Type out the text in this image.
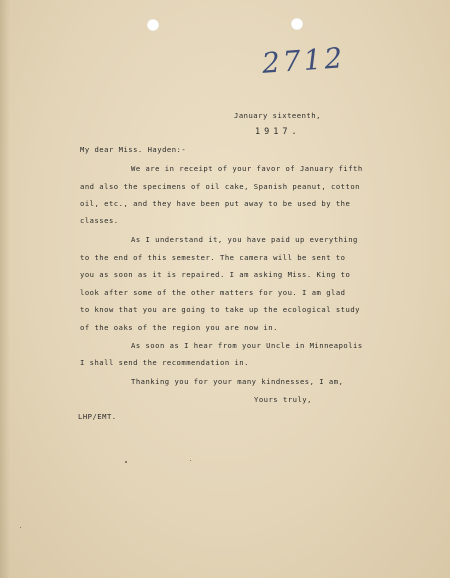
2712
January sixteenth,
1917.
My dear Miss. Hayden:-
We are in receipt of your favor of January fifth
and also the specimens of oil cake, Spanish peanut, cotton
oil, etc., and they have been put away to be used by the
classes.
As I understand it, you have paid up everything
to the end of this semester. The camera will be sent to
you as soon as it is repaired. I am asking Miss. King to
look after some of the other matters for you. I am glad
to know that you are going to take up the ecological study
of the oaks of the region you are now in.
As soon as I hear from your Uncle in Minneapolis
I shall send the recommendation in.
Thanking you for your many kindnesses, I am,
Yours truly,
LHP/EMT.
